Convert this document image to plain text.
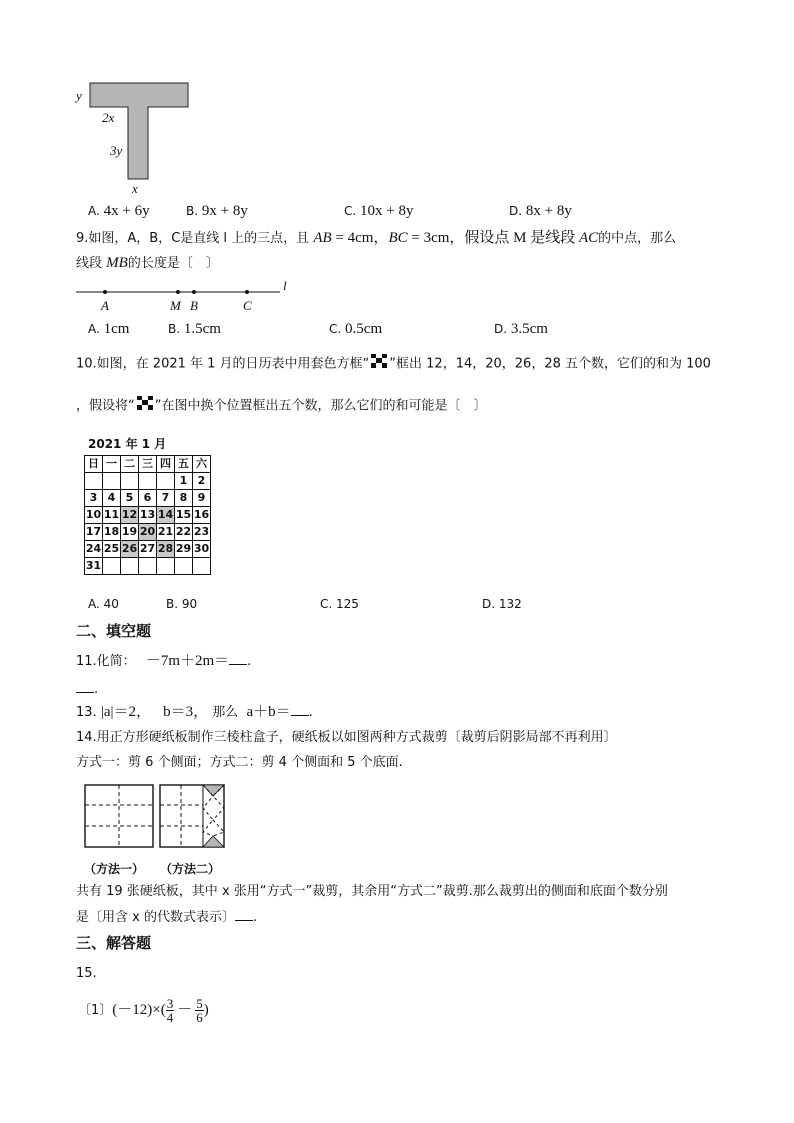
y
2x
3y
x
A. 4x + 6y	B. 9x + 8y	C. 10x + 8y	D. 8x + 8y
9.如图，A，B，C是直线 l 上的三点，且 AB = 4cm，BC = 3cm，假设点 M 是线段 AC的中点，那么
线段 MB的长度是〔　〕
l
A	M B	C
A. 1cm	B. 1.5cm	C. 0.5cm	D. 3.5cm
10.如图，在 2021 年 1 月的日历表中用套色方框“ ”框出 12，14，20，26，28 五个数，它们的和为 100
，假设将“ ”在图中换个位置框出五个数，那么它们的和可能是〔　〕
2021 年 1 月
日	一	二	三	四	五	六
					1	2
3	4	5	6	7	8	9
10	11	12	13	14	15	16
17	18	19	20	21	22	23
24	25	26	27	28	29	30
31						
A. 40	B. 90	C. 125	D. 132
二、填空题
11.化简： －7m＋2m＝ .
.
13. |a|＝2， b＝3， 那么 a＋b＝ .
14.用正方形硬纸板制作三棱柱盒子，硬纸板以如图两种方式裁剪〔裁剪后阴影局部不再利用〕
方式一：剪 6 个侧面；方式二：剪 4 个侧面和 5 个底面.
（方法一） （方法二）
共有 19 张硬纸板，其中 x 张用“方式一”裁剪，其余用“方式二”裁剪.那么裁剪出的侧面和底面个数分别
是〔用含 x 的代数式表示〕 .
三、解答题
15.
〔1〕$(-12)\times( \frac{3}{4} - \frac{5}{6}$ )
